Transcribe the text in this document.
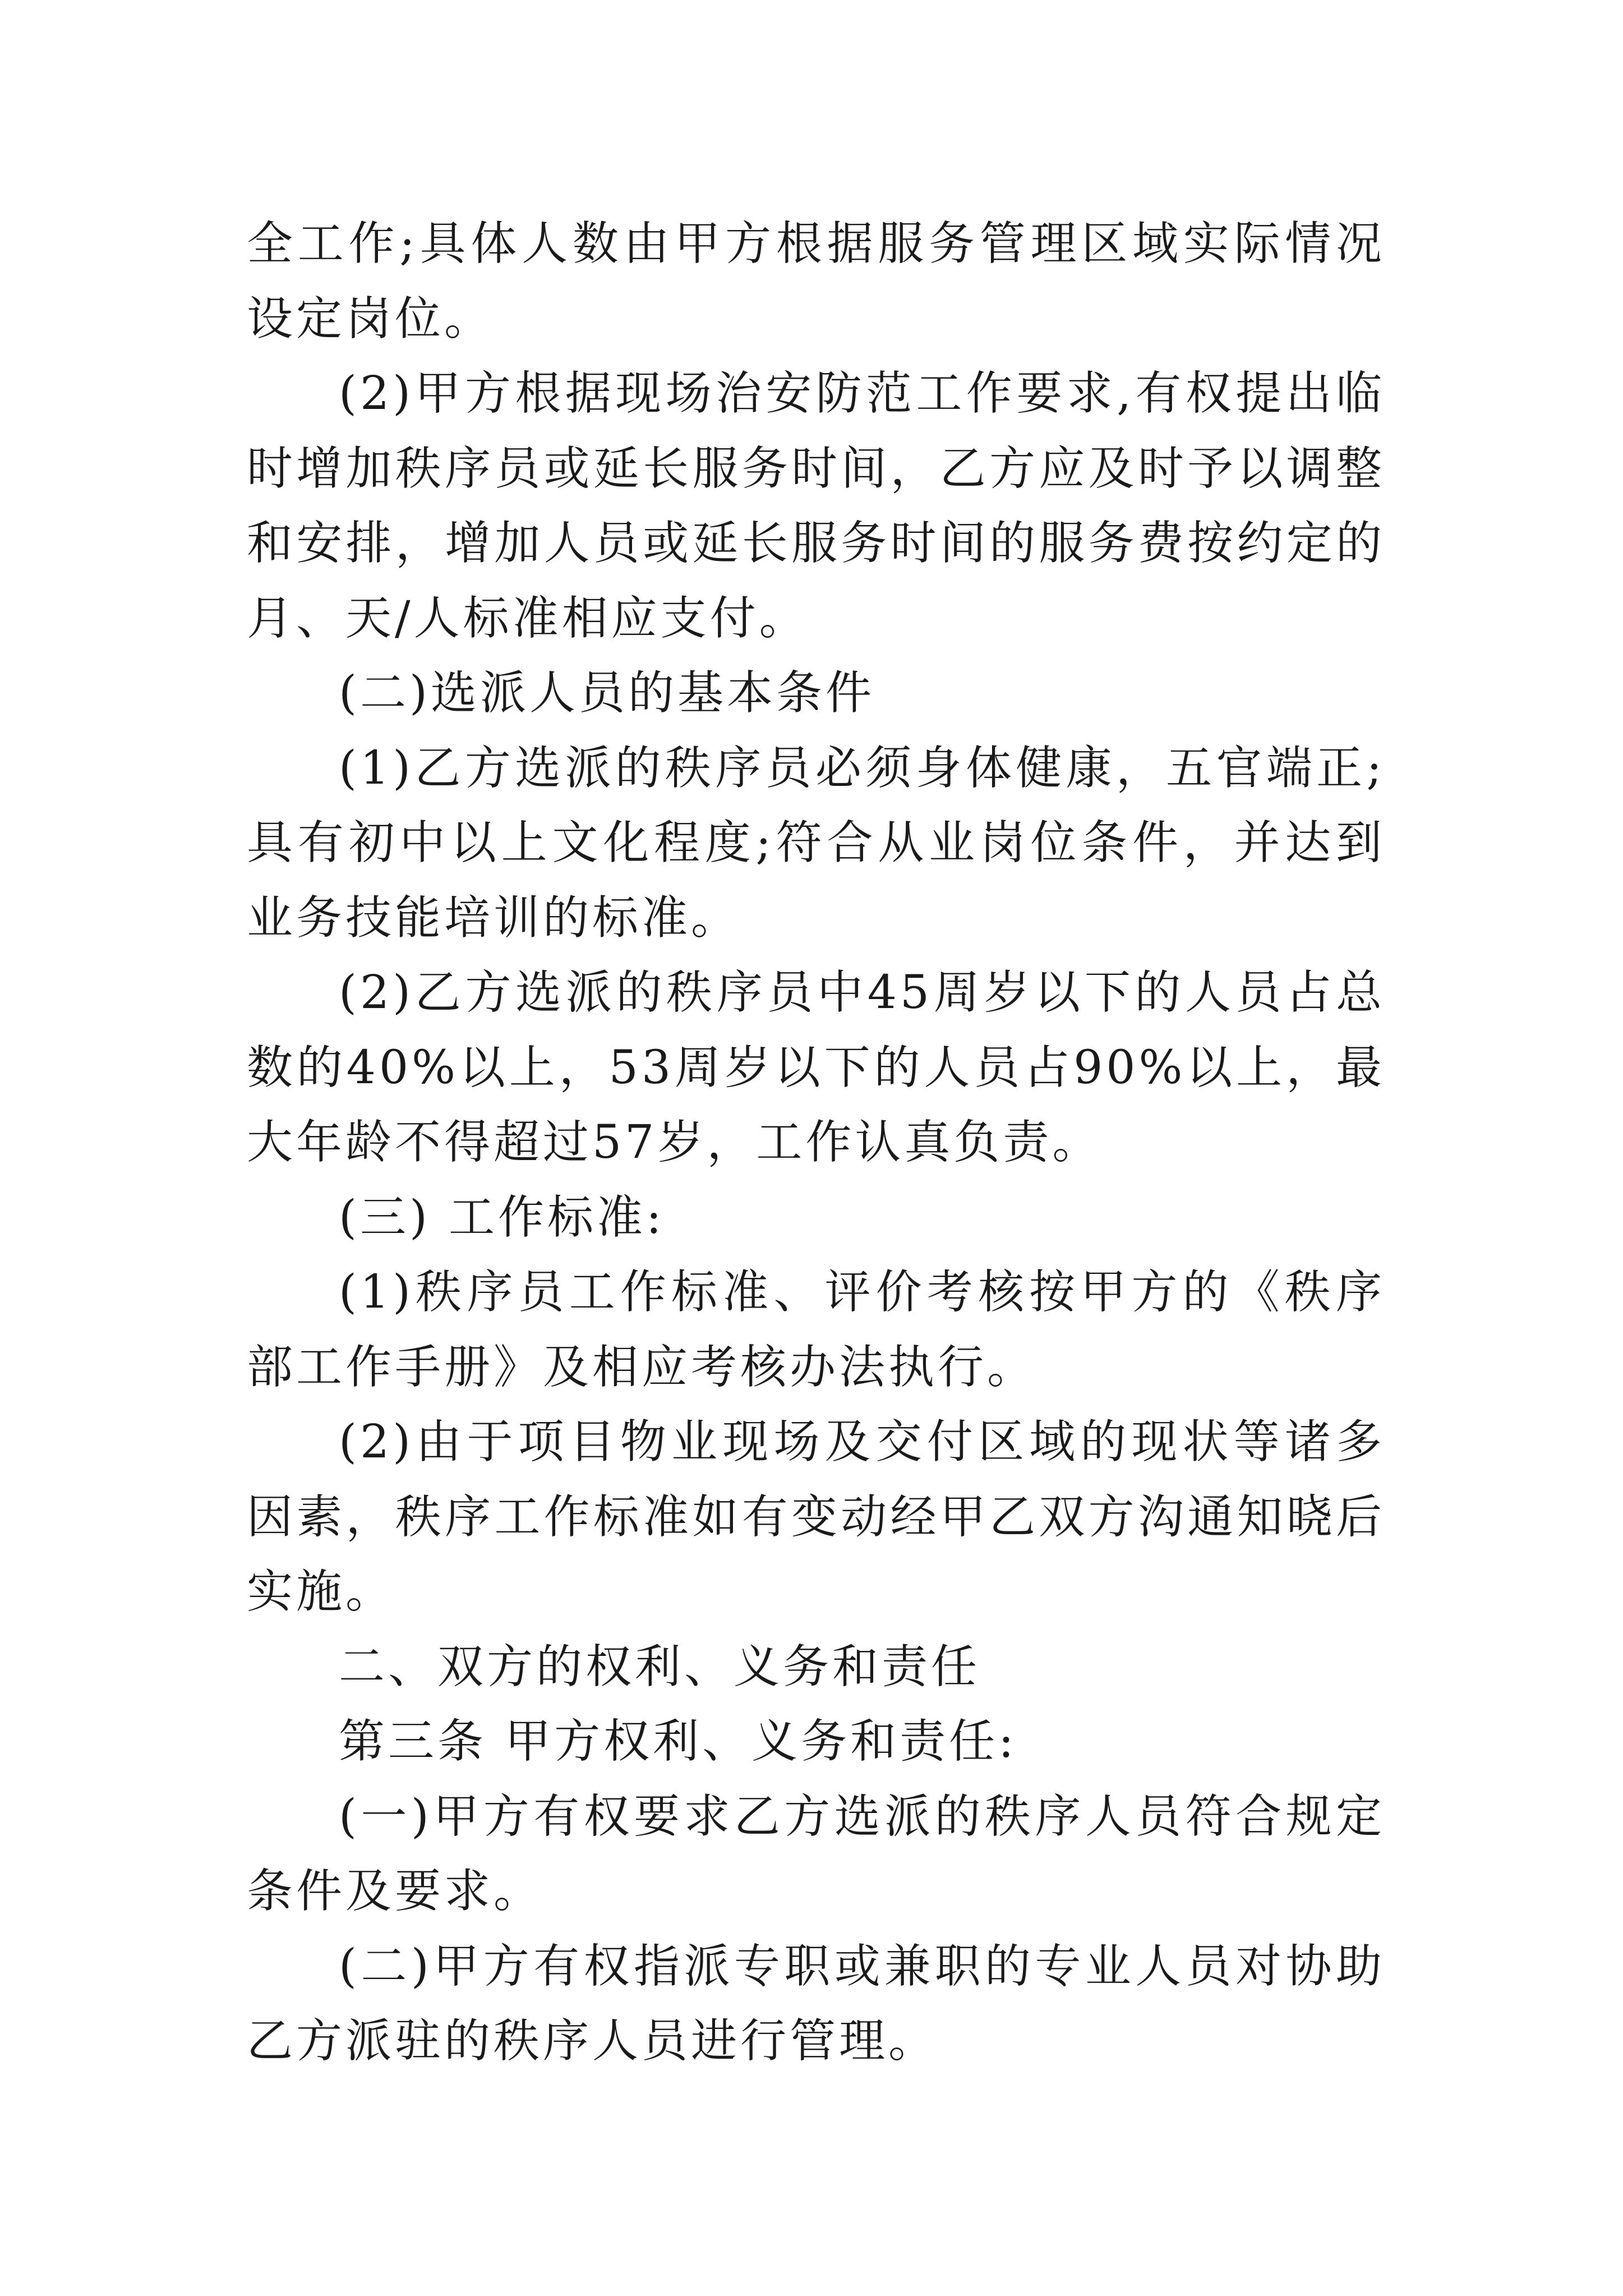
全工作;具体人数由甲方根据服务管理区域实际情况设定岗位。

(2)甲方根据现场治安防范工作要求,有权提出临时增加秩序员或延长服务时间，乙方应及时予以调整和安排，增加人员或延长服务时间的服务费按约定的月、天/人标准相应支付。

(二)选派人员的基本条件

(1)乙方选派的秩序员必须身体健康，五官端正;具有初中以上文化程度;符合从业岗位条件，并达到业务技能培训的标准。

(2)乙方选派的秩序员中45周岁以下的人员占总数的40%以上，53周岁以下的人员占90%以上，最大年龄不得超过57岁，工作认真负责。

(三) 工作标准:

(1)秩序员工作标准、评价考核按甲方的《秩序部工作手册》及相应考核办法执行。

(2)由于项目物业现场及交付区域的现状等诸多因素，秩序工作标准如有变动经甲乙双方沟通知晓后实施。

二、双方的权利、义务和责任

第三条 甲方权利、义务和责任:

(一)甲方有权要求乙方选派的秩序人员符合规定条件及要求。

(二)甲方有权指派专职或兼职的专业人员对协助乙方派驻的秩序人员进行管理。
